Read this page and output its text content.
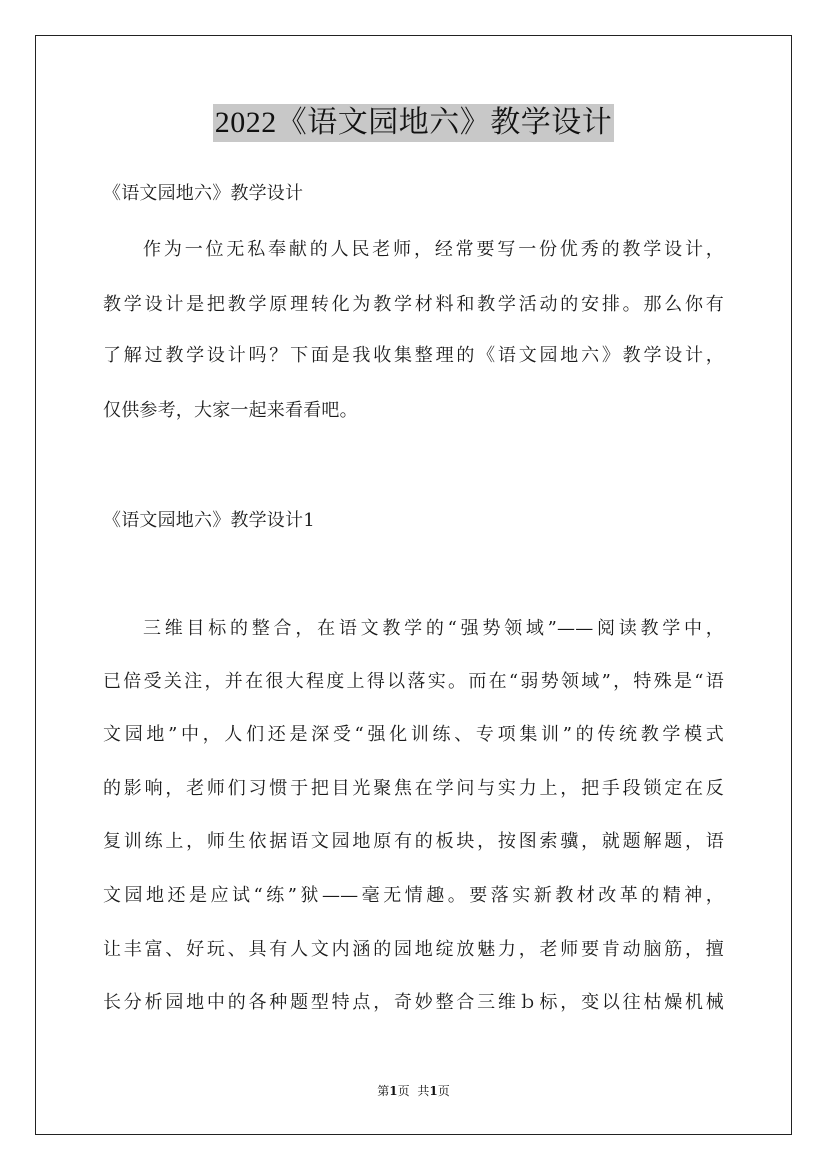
2022《语文园地六》教学设计
《语文园地六》教学设计
作为一位无私奉献的人民老师，经常要写一份优秀的教学设计，
教学设计是把教学原理转化为教学材料和教学活动的安排。那么你有
了解过教学设计吗？下面是我收集整理的《语文园地六》教学设计，
仅供参考，大家一起来看看吧。
《语文园地六》教学设计1
三维目标的整合，在语文教学的“强势领域”——阅读教学中，
已倍受关注，并在很大程度上得以落实。而在“弱势领域”，特殊是“语
文园地”中，人们还是深受“强化训练、专项集训”的传统教学模式
的影响，老师们习惯于把目光聚焦在学问与实力上，把手段锁定在反
复训练上，师生依据语文园地原有的板块，按图索骥，就题解题，语
文园地还是应试“练”狱——毫无情趣。要落实新教材改革的精神，
让丰富、好玩、具有人文内涵的园地绽放魅力，老师要肯动脑筋，擅
长分析园地中的各种题型特点，奇妙整合三维ｂ标，变以往枯燥机械
第1页 共1页
